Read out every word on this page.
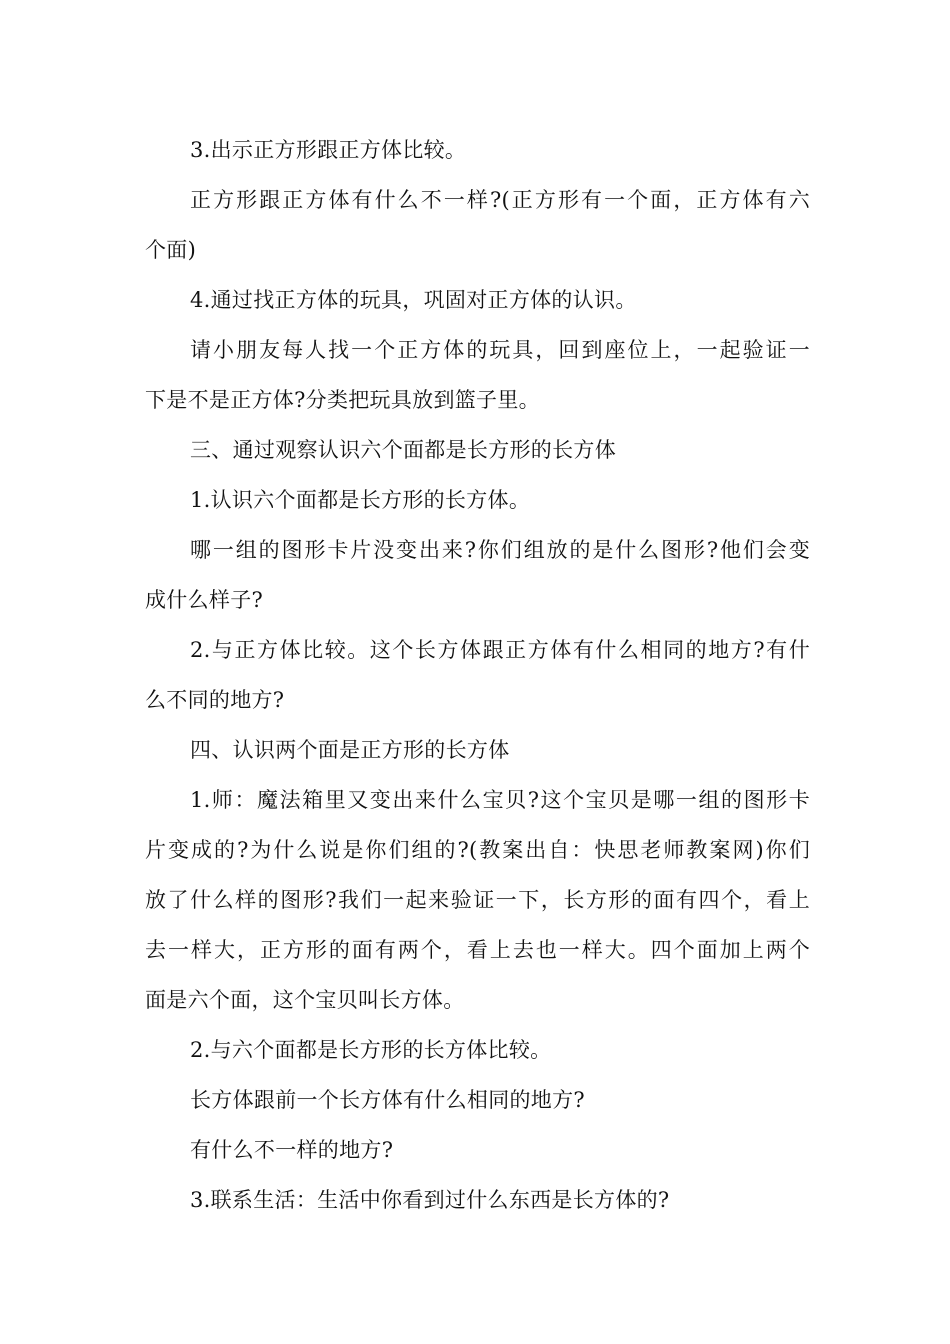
3.出示正方形跟正方体比较。
正方形跟正方体有什么不一样?(正方形有一个面，正方体有六
个面)
4.通过找正方体的玩具，巩固对正方体的认识。
请小朋友每人找一个正方体的玩具，回到座位上，一起验证一
下是不是正方体?分类把玩具放到篮子里。
三、通过观察认识六个面都是长方形的长方体
1.认识六个面都是长方形的长方体。
哪一组的图形卡片没变出来?你们组放的是什么图形?他们会变
成什么样子?
2.与正方体比较。这个长方体跟正方体有什么相同的地方?有什
么不同的地方?
四、认识两个面是正方形的长方体
1.师：魔法箱里又变出来什么宝贝?这个宝贝是哪一组的图形卡
片变成的?为什么说是你们组的?(教案出自：快思老师教案网)你们
放了什么样的图形?我们一起来验证一下，长方形的面有四个，看上
去一样大，正方形的面有两个，看上去也一样大。四个面加上两个
面是六个面，这个宝贝叫长方体。
2.与六个面都是长方形的长方体比较。
长方体跟前一个长方体有什么相同的地方?
有什么不一样的地方?
3.联系生活：生活中你看到过什么东西是长方体的?
